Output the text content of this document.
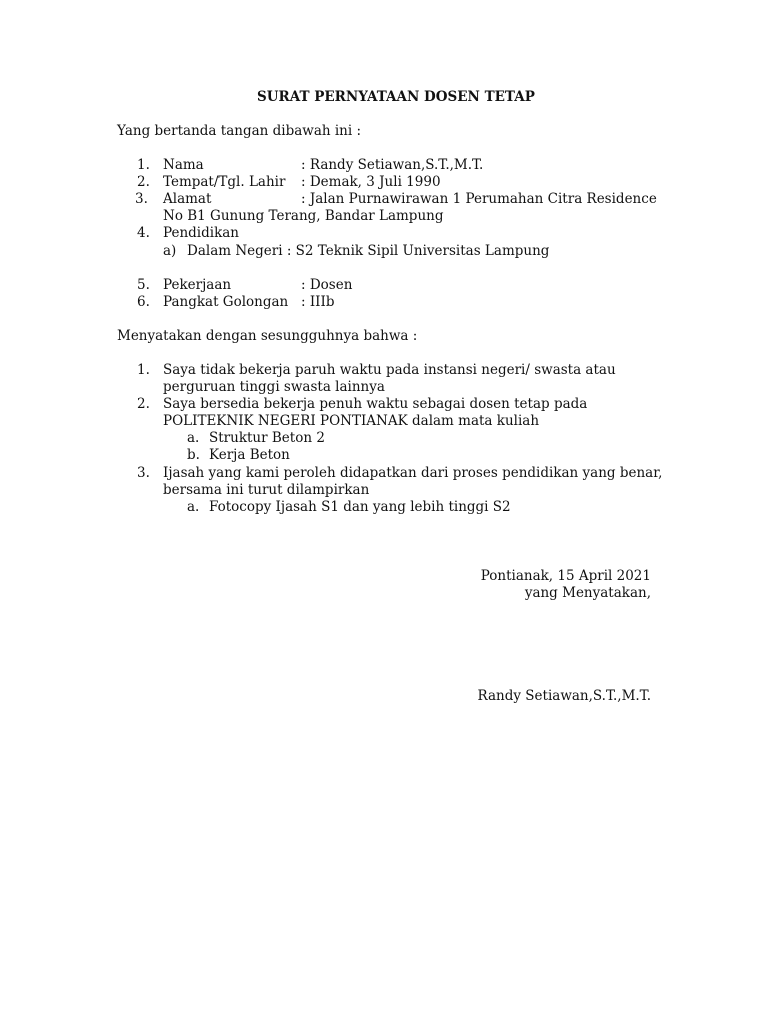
SURAT PERNYATAAN DOSEN TETAP
Yang bertanda tangan dibawah ini :
1. Nama	: Randy Setiawan,S.T.,M.T.
2. Tempat/Tgl. Lahir : Demak, 3 Juli 1990
3. Alamat	: Jalan Purnawirawan 1 Perumahan Citra Residence
No B1 Gunung Terang, Bandar Lampung
4. Pendidikan
a) Dalam Negeri : S2 Teknik Sipil Universitas Lampung
5. Pekerjaan	: Dosen
6. Pangkat Golongan : IIIb
Menyatakan dengan sesungguhnya bahwa :
1. Saya tidak bekerja paruh waktu pada instansi negeri/ swasta atau
perguruan tinggi swasta lainnya
2. Saya bersedia bekerja penuh waktu sebagai dosen tetap pada
POLITEKNIK NEGERI PONTIANAK dalam mata kuliah
a. Struktur Beton 2
b. Kerja Beton
3. Ijasah yang kami peroleh didapatkan dari proses pendidikan yang benar,
bersama ini turut dilampirkan
a. Fotocopy Ijasah S1 dan yang lebih tinggi S2
Pontianak, 15 April 2021
yang Menyatakan,
Randy Setiawan,S.T.,M.T.
